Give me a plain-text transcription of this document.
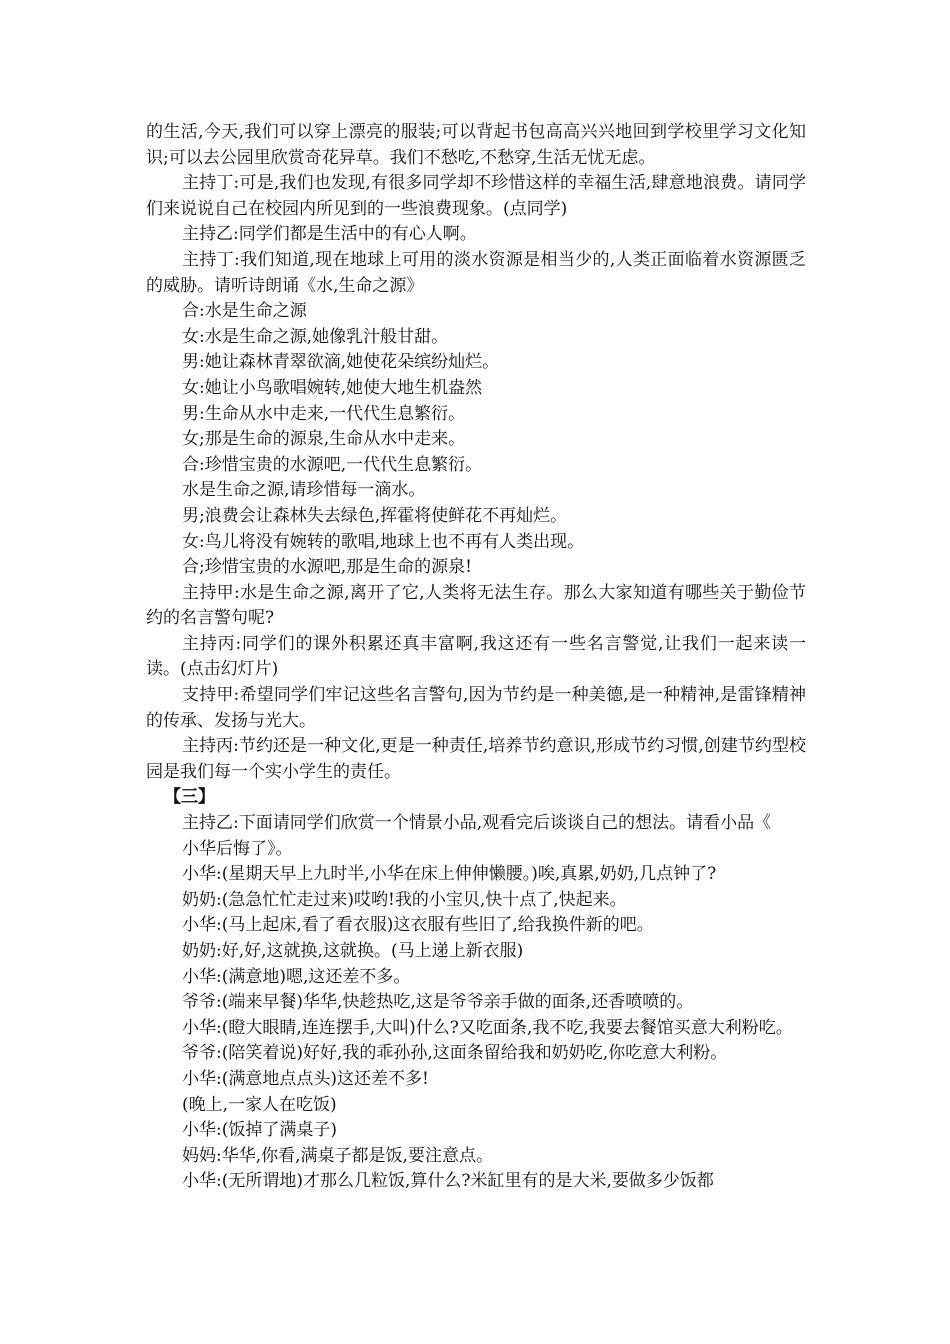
的生活,今天,我们可以穿上漂亮的服装;可以背起书包高高兴兴地回到学校里学习文化知识;可以去公园里欣赏奇花异草。我们不愁吃,不愁穿,生活无忧无虑。

主持丁:可是,我们也发现,有很多同学却不珍惜这样的幸福生活,肆意地浪费。请同学们来说说自己在校园内所见到的一些浪费现象。(点同学)

主持乙:同学们都是生活中的有心人啊。

主持丁:我们知道,现在地球上可用的淡水资源是相当少的,人类正面临着水资源匮乏的威胁。请听诗朗诵《水,生命之源》

合:水是生命之源

女:水是生命之源,她像乳汁般甘甜。

男:她让森林青翠欲滴,她使花朵缤纷灿烂。

女:她让小鸟歌唱婉转,她使大地生机盎然

男:生命从水中走来,一代代生息繁衍。

女;那是生命的源泉,生命从水中走来。

合:珍惜宝贵的水源吧,一代代生息繁衍。

水是生命之源,请珍惜每一滴水。

男;浪费会让森林失去绿色,挥霍将使鲜花不再灿烂。

女:鸟儿将没有婉转的歌唱,地球上也不再有人类出现。

合;珍惜宝贵的水源吧,那是生命的源泉!

主持甲:水是生命之源,离开了它,人类将无法生存。那么大家知道有哪些关于勤俭节约的名言警句呢?

主持丙:同学们的课外积累还真丰富啊,我这还有一些名言警觉,让我们一起来读一读。(点击幻灯片)

支持甲:希望同学们牢记这些名言警句,因为节约是一种美德,是一种精神,是雷锋精神的传承、发扬与光大。

主持丙:节约还是一种文化,更是一种责任,培养节约意识,形成节约习惯,创建节约型校园是我们每一个实小学生的责任。

【三】

主持乙:下面请同学们欣赏一个情景小品,观看完后谈谈自己的想法。请看小品《

小华后悔了》。

小华:(星期天早上九时半,小华在床上伸伸懒腰。)唉,真累,奶奶,几点钟了?

奶奶:(急急忙忙走过来)哎哟!我的小宝贝,快十点了,快起来。

小华:(马上起床,看了看衣服)这衣服有些旧了,给我换件新的吧。

奶奶:好,好,这就换,这就换。(马上递上新衣服)

小华:(满意地)嗯,这还差不多。

爷爷:(端来早餐)华华,快趁热吃,这是爷爷亲手做的面条,还香喷喷的。

小华:(瞪大眼睛,连连摆手,大叫)什么?又吃面条,我不吃,我要去餐馆买意大利粉吃。

爷爷:(陪笑着说)好好,我的乖孙孙,这面条留给我和奶奶吃,你吃意大利粉。

小华:(满意地点点头)这还差不多!

(晚上,一家人在吃饭)

小华:(饭掉了满桌子)

妈妈:华华,你看,满桌子都是饭,要注意点。

小华:(无所谓地)才那么几粒饭,算什么?米缸里有的是大米,要做多少饭都
